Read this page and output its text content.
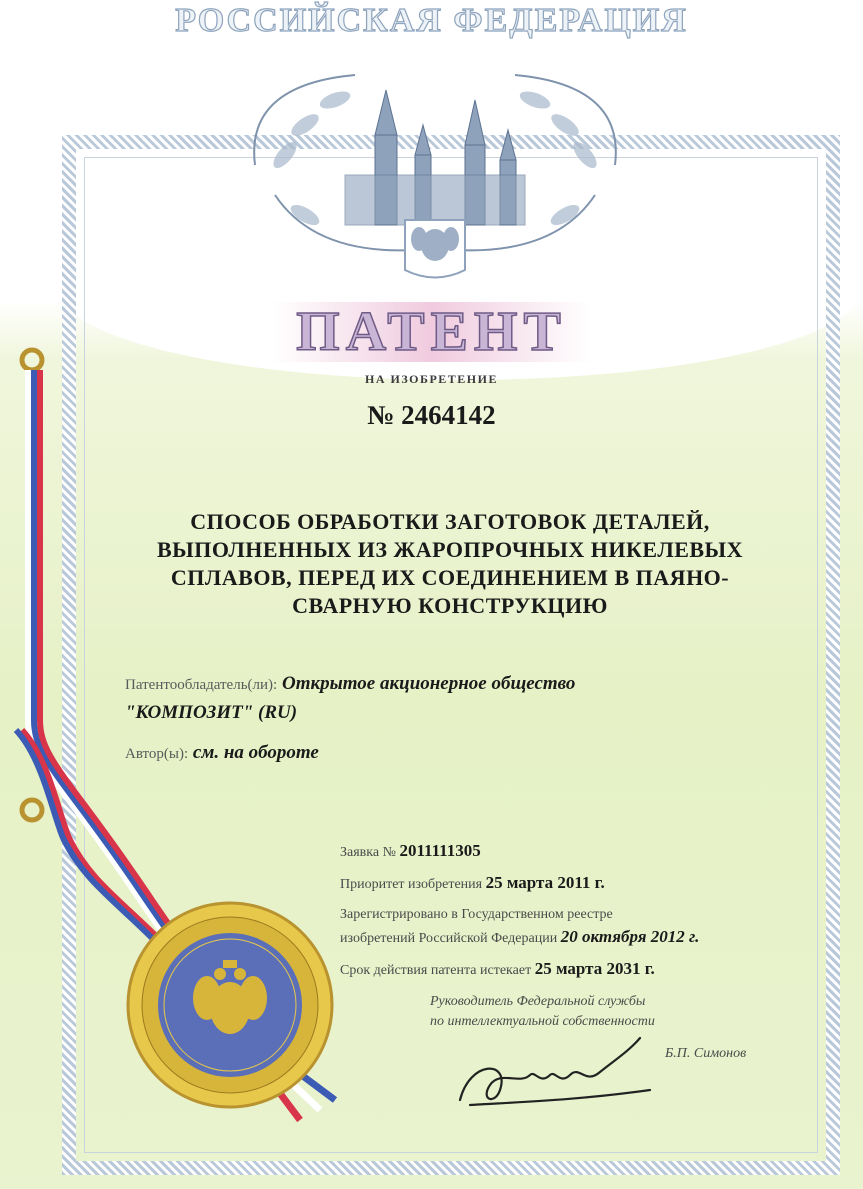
РОССИЙСКАЯ ФЕДЕРАЦИЯ
ПАТЕНТ
НА ИЗОБРЕТЕНИЕ
№ 2464142
СПОСОБ ОБРАБОТКИ ЗАГОТОВОК ДЕТАЛЕЙ,
ВЫПОЛНЕННЫХ ИЗ ЖАРОПРОЧНЫХ НИКЕЛЕВЫХ
СПЛАВОВ, ПЕРЕД ИХ СОЕДИНЕНИЕМ В ПАЯНО-
СВАРНУЮ КОНСТРУКЦИЮ
Патентообладатель(ли): Открытое акционерное общество
"КОМПОЗИТ" (RU)
Автор(ы): см. на обороте
Заявка № 2011111305
Приоритет изобретения 25 марта 2011 г.
Зарегистрировано в Государственном реестре
изобретений Российской Федерации 20 октября 2012 г.
Срок действия патента истекает 25 марта 2031 г.
Руководитель Федеральной службы
по интеллектуальной собственности
Б.П. Симонов
